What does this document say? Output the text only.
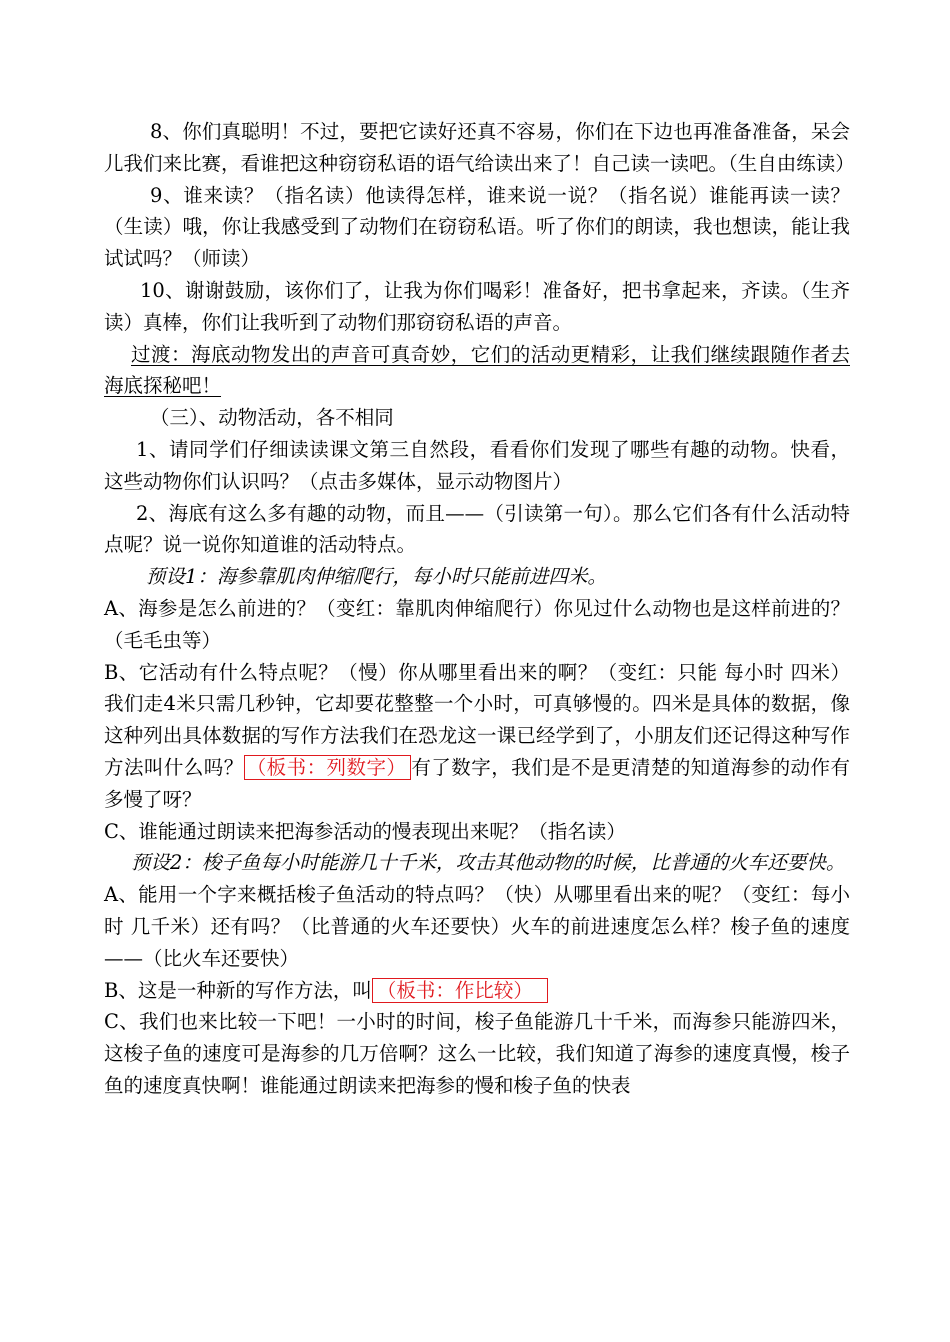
8、你们真聪明！不过，要把它读好还真不容易，你们在下边也再准备准备，呆会儿我们来比赛，看谁把这种窃窃私语的语气给读出来了！自己读一读吧。（生自由练读）

9、谁来读？（指名读）他读得怎样，谁来说一说？（指名说）谁能再读一读？（生读）哦，你让我感受到了动物们在窃窃私语。听了你们的朗读，我也想读，能让我试试吗？（师读）

10、谢谢鼓励，该你们了，让我为你们喝彩！准备好，把书拿起来，齐读。（生齐读）真棒，你们让我听到了动物们那窃窃私语的声音。

过渡：海底动物发出的声音可真奇妙，它们的活动更精彩，让我们继续跟随作者去海底探秘吧！

（三）、动物活动，各不相同

1、请同学们仔细读读课文第三自然段，看看你们发现了哪些有趣的动物。快看，这些动物你们认识吗？（点击多媒体，显示动物图片）

2、海底有这么多有趣的动物，而且——（引读第一句）。那么它们各有什么活动特点呢？说一说你知道谁的活动特点。

预设1：海参靠肌肉伸缩爬行，每小时只能前进四米。

A、海参是怎么前进的？（变红：靠肌肉伸缩爬行）你见过什么动物也是这样前进的？（毛毛虫等）

B、它活动有什么特点呢？（慢）你从哪里看出来的啊？（变红：只能 每小时 四米）我们走4米只需几秒钟，它却要花整整一个小时，可真够慢的。四米是具体的数据，像这种列出具体数据的写作方法我们在恐龙这一课已经学到了，小朋友们还记得这种写作方法叫什么吗？ （板书：列数字） 有了数字，我们是不是更清楚的知道海参的动作有多慢了呀？

C、谁能通过朗读来把海参活动的慢表现出来呢？（指名读）

预设2：梭子鱼每小时能游几十千米，攻击其他动物的时候，比普通的火车还要快。

A、能用一个字来概括梭子鱼活动的特点吗？（快）从哪里看出来的呢？（变红：每小时 几千米）还有吗？（比普通的火车还要快）火车的前进速度怎么样？梭子鱼的速度——（比火车还要快）

B、这是一种新的写作方法，叫 （板书：作比较）

C、我们也来比较一下吧！一小时的时间，梭子鱼能游几十千米，而海参只能游四米，这梭子鱼的速度可是海参的几万倍啊？这么一比较，我们知道了海参的速度真慢，梭子鱼的速度真快啊！谁能通过朗读来把海参的慢和梭子鱼的快表
